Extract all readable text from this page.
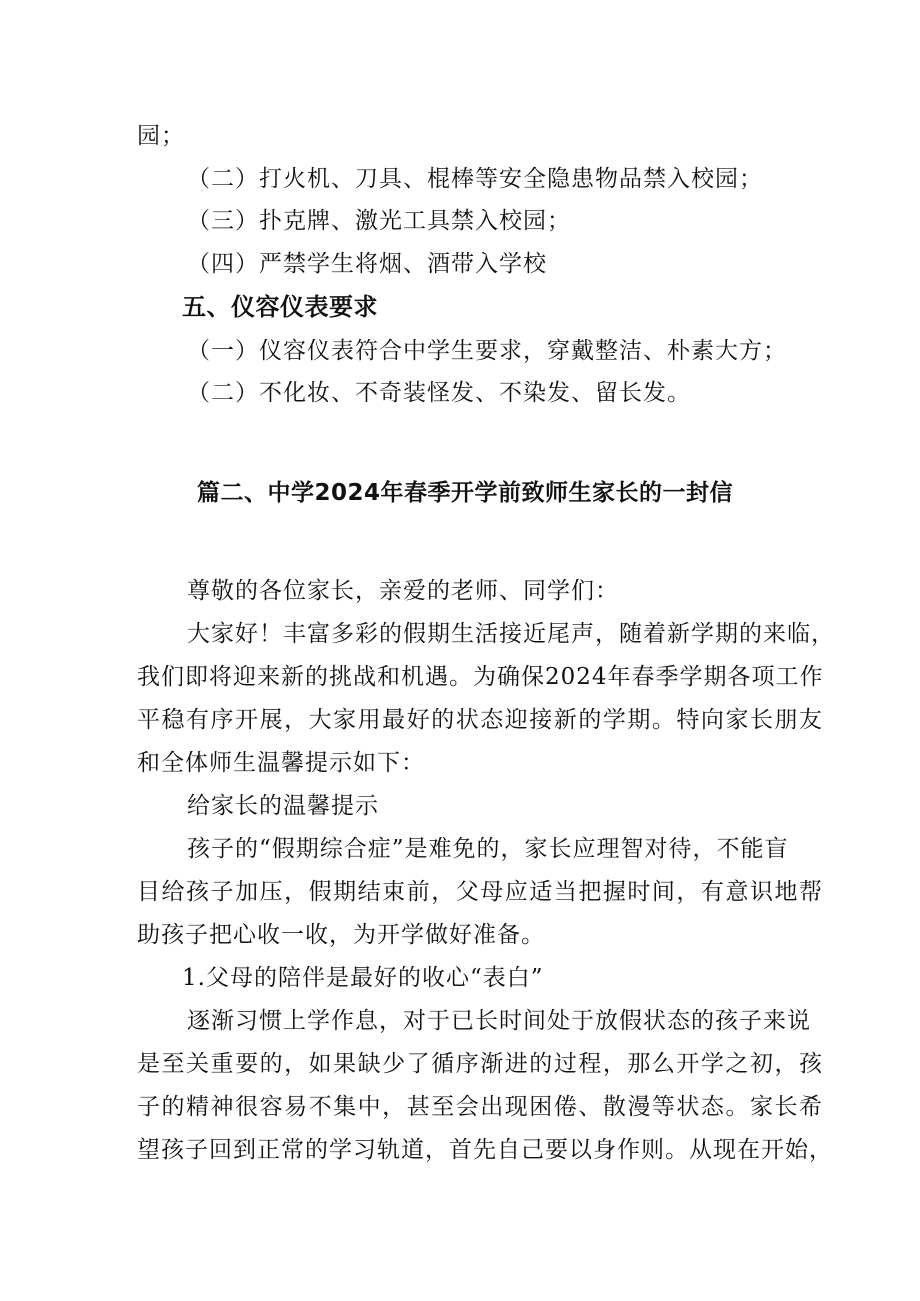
园；
（二）打火机、刀具、棍棒等安全隐患物品禁入校园；
（三）扑克牌、激光工具禁入校园；
（四）严禁学生将烟、酒带入学校
五、仪容仪表要求
（一）仪容仪表符合中学生要求，穿戴整洁、朴素大方；
（二）不化妆、不奇装怪发、不染发、留长发。
篇二、中学2024年春季开学前致师生家长的一封信
尊敬的各位家长，亲爱的老师、同学们：
大家好！丰富多彩的假期生活接近尾声，随着新学期的来临，
我们即将迎来新的挑战和机遇。为确保2024年春季学期各项工作
平稳有序开展，大家用最好的状态迎接新的学期。特向家长朋友
和全体师生温馨提示如下：
给家长的温馨提示
孩子的“假期综合症”是难免的，家长应理智对待，不能盲
目给孩子加压，假期结束前，父母应适当把握时间，有意识地帮
助孩子把心收一收，为开学做好准备。
1.父母的陪伴是最好的收心“表白”
逐渐习惯上学作息，对于已长时间处于放假状态的孩子来说
是至关重要的，如果缺少了循序渐进的过程，那么开学之初，孩
子的精神很容易不集中，甚至会出现困倦、散漫等状态。家长希
望孩子回到正常的学习轨道，首先自己要以身作则。从现在开始，
